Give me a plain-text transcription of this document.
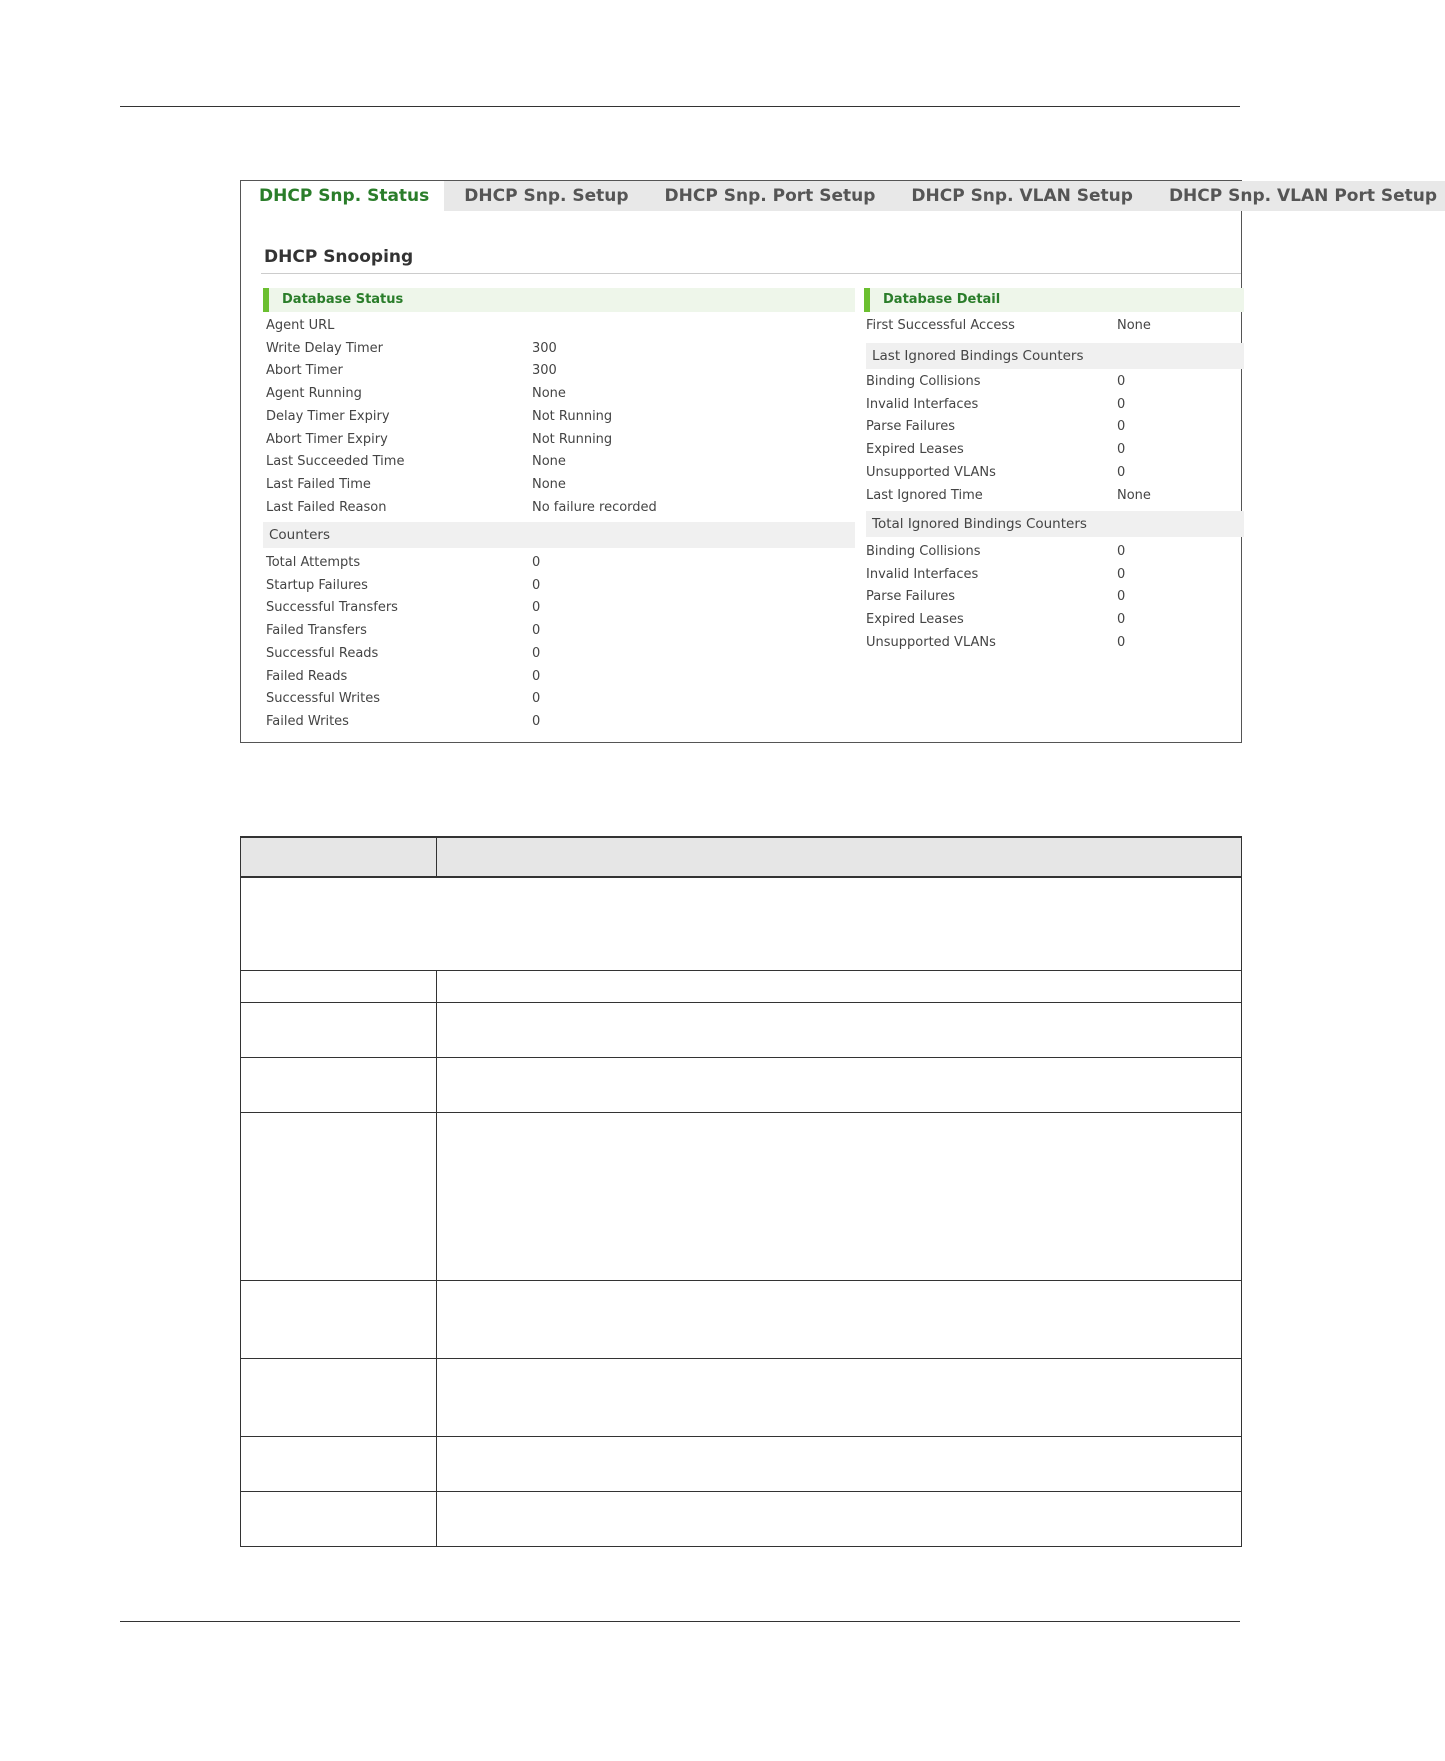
DHCP Snp. Status	DHCP Snp. Setup	DHCP Snp. Port Setup	DHCP Snp. VLAN Setup	DHCP Snp. VLAN Port Setup
DHCP Snooping
Database Status
Agent URL
Write Delay Timer	300
Abort Timer	300
Agent Running	None
Delay Timer Expiry	Not Running
Abort Timer Expiry	Not Running
Last Succeeded Time	None
Last Failed Time	None
Last Failed Reason	No failure recorded
Counters
Total Attempts	0
Startup Failures	0
Successful Transfers	0
Failed Transfers	0
Successful Reads	0
Failed Reads	0
Successful Writes	0
Failed Writes	0
Database Detail
First Successful Access	None
Last Ignored Bindings Counters
Binding Collisions	0
Invalid Interfaces	0
Parse Failures	0
Expired Leases	0
Unsupported VLANs	0
Last Ignored Time	None
Total Ignored Bindings Counters
Binding Collisions	0
Invalid Interfaces	0
Parse Failures	0
Expired Leases	0
Unsupported VLANs	0
